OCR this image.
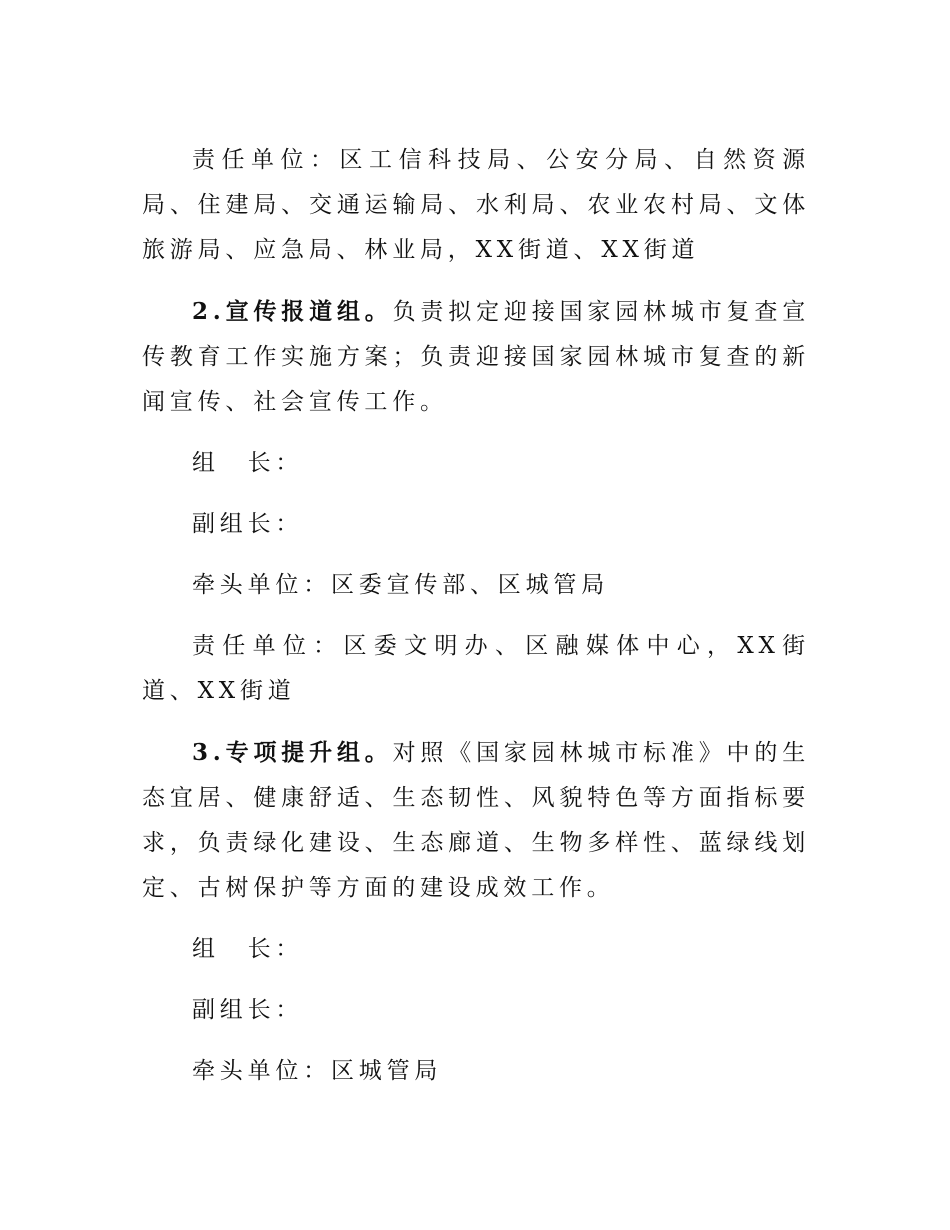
责任单位：区工信科技局、公安分局、自然资源局、住建局、交通运输局、水利局、农业农村局、文体旅游局、应急局、林业局，XX街道、XX街道

2.宣传报道组。负责拟定迎接国家园林城市复查宣传教育工作实施方案；负责迎接国家园林城市复查的新闻宣传、社会宣传工作。

组　长：

副组长：

牵头单位：区委宣传部、区城管局

责任单位：区委文明办、区融媒体中心，XX街道、XX街道

3.专项提升组。对照《国家园林城市标准》中的生态宜居、健康舒适、生态韧性、风貌特色等方面指标要求，负责绿化建设、生态廊道、生物多样性、蓝绿线划定、古树保护等方面的建设成效工作。

组　长：

副组长：

牵头单位：区城管局
